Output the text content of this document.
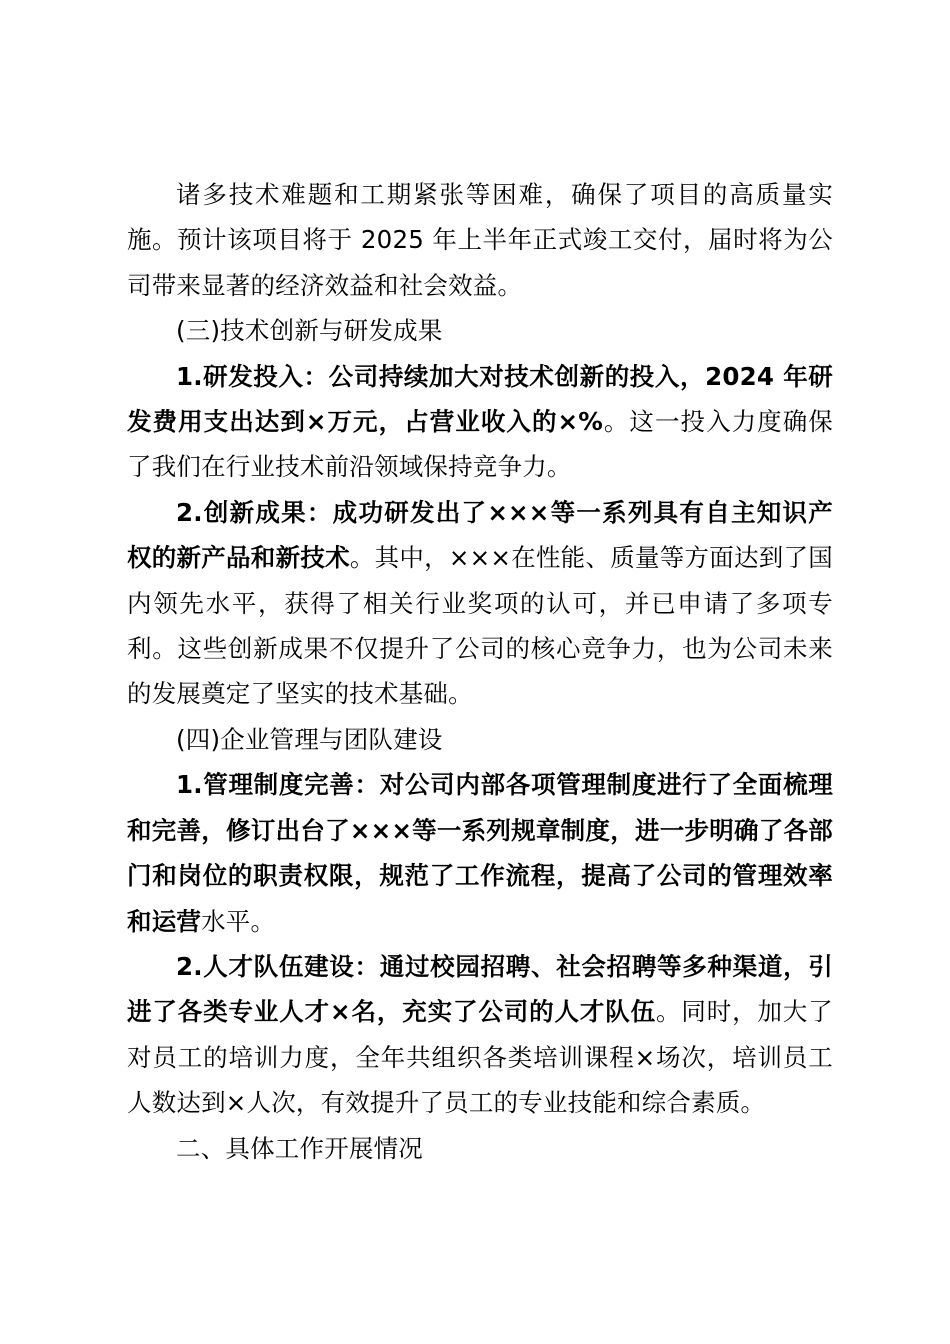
诸多技术难题和工期紧张等困难，确保了项目的高质量实施。预计该项目将于 2025 年上半年正式竣工交付，届时将为公司带来显著的经济效益和社会效益。

(三)技术创新与研发成果

1.研发投入：公司持续加大对技术创新的投入，2024 年研发费用支出达到×万元，占营业收入的×%。这一投入力度确保了我们在行业技术前沿领域保持竞争力。

2.创新成果：成功研发出了×××等一系列具有自主知识产权的新产品和新技术。其中，×××在性能、质量等方面达到了国内领先水平，获得了相关行业奖项的认可，并已申请了多项专利。这些创新成果不仅提升了公司的核心竞争力，也为公司未来的发展奠定了坚实的技术基础。

(四)企业管理与团队建设

1.管理制度完善：对公司内部各项管理制度进行了全面梳理和完善，修订出台了×××等一系列规章制度，进一步明确了各部门和岗位的职责权限，规范了工作流程，提高了公司的管理效率和运营水平。

2.人才队伍建设：通过校园招聘、社会招聘等多种渠道，引进了各类专业人才×名，充实了公司的人才队伍。同时，加大了对员工的培训力度，全年共组织各类培训课程×场次，培训员工人数达到×人次，有效提升了员工的专业技能和综合素质。

二、具体工作开展情况
